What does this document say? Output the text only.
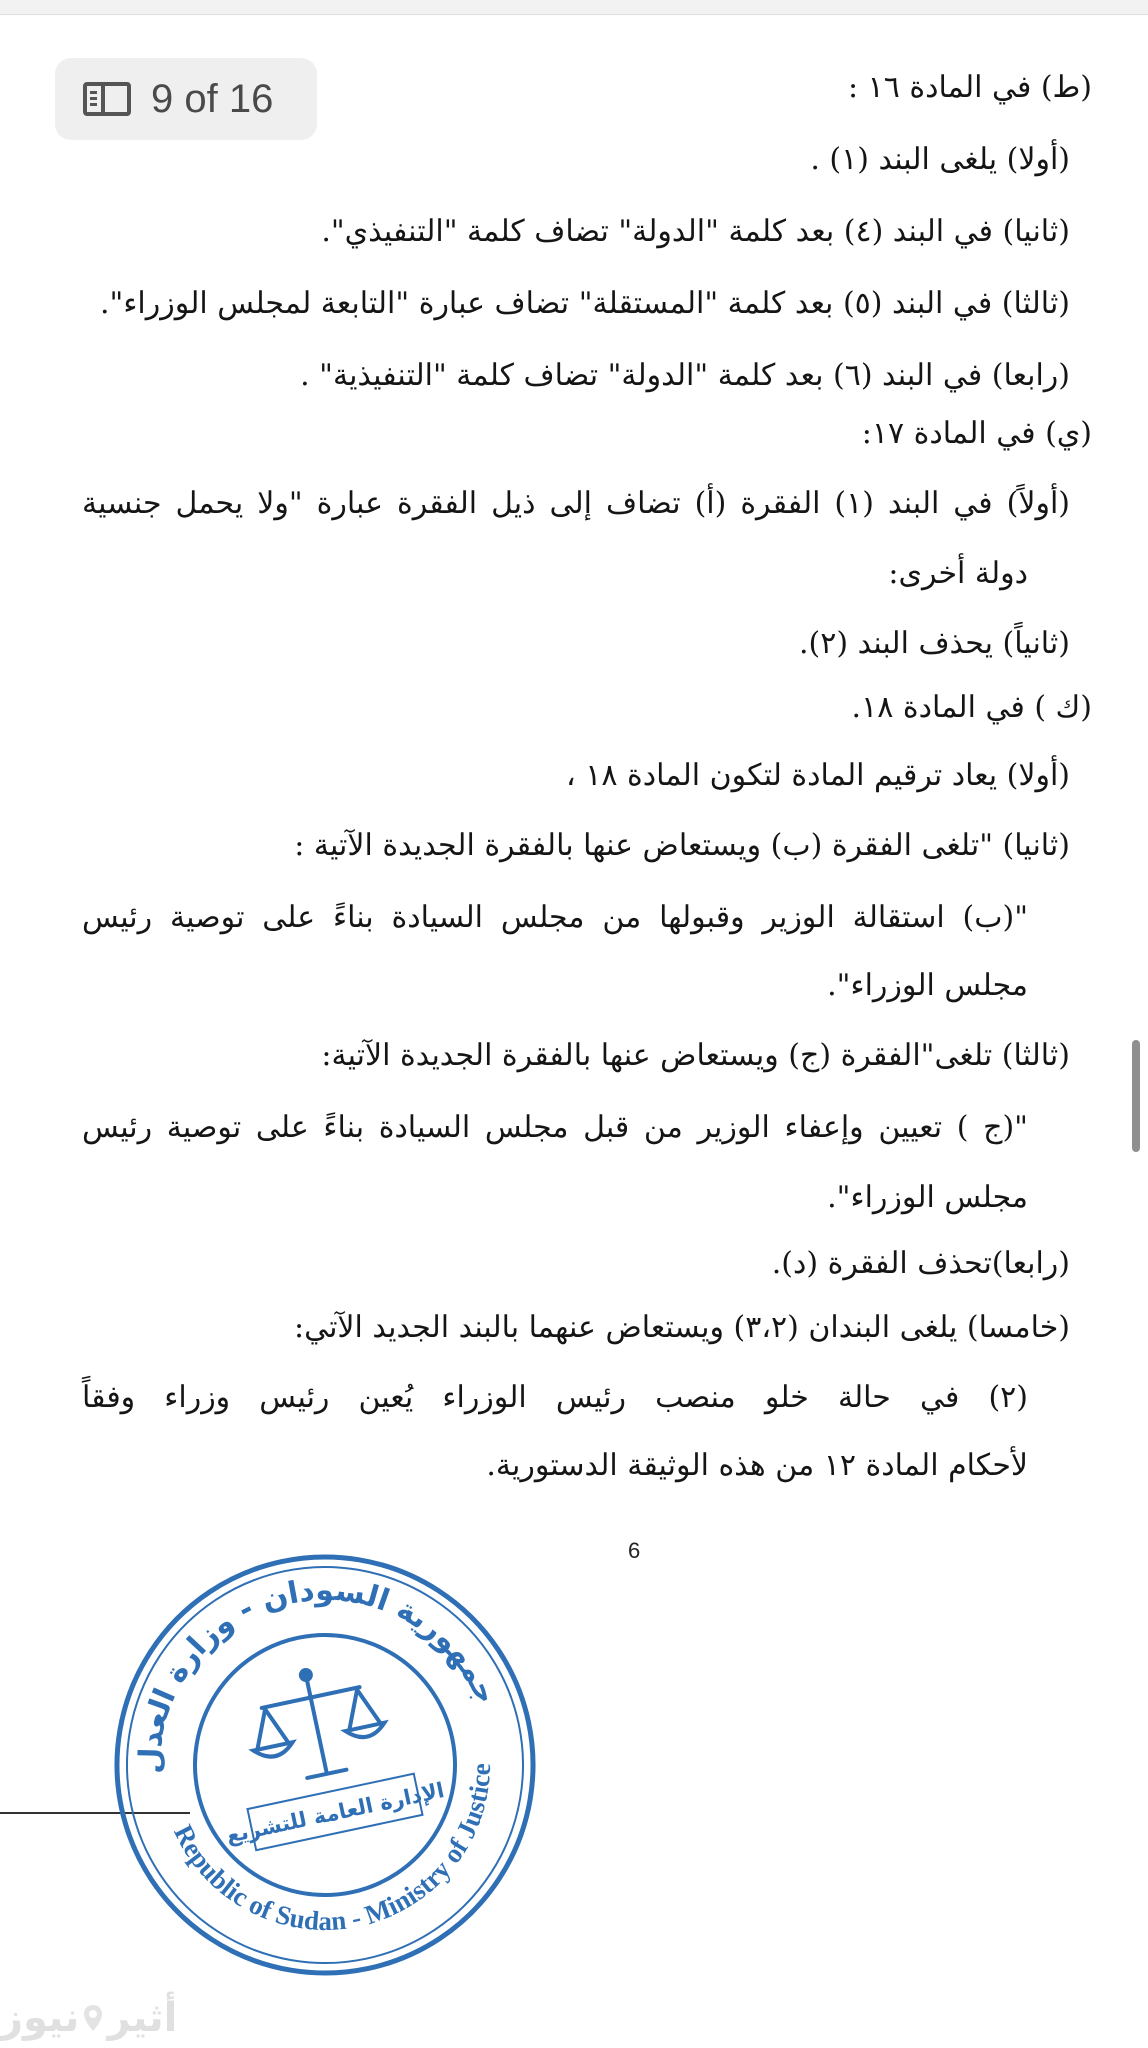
9 of 16	(ط) في المادة ١٦ :
(أولا) يلغى البند (١) .
(ثانيا) في البند (٤) بعد كلمة "الدولة" تضاف كلمة "التنفيذي".
(ثالثا) في البند (٥) بعد كلمة "المستقلة" تضاف عبارة "التابعة لمجلس الوزراء".
(رابعا) في البند (٦) بعد كلمة "الدولة" تضاف كلمة "التنفيذية" .
(ي) في المادة ١٧:
(أولاً) في البند (١) الفقرة (أ) تضاف إلى ذيل الفقرة عبارة "ولا يحمل جنسية
دولة أخرى:
(ثانياً) يحذف البند (٢).
(ك ) في المادة ١٨.
(أولا) يعاد ترقيم المادة لتكون المادة ١٨ ،
(ثانيا) "تلغى الفقرة (ب) ويستعاض عنها بالفقرة الجديدة الآتية :
"(ب) استقالة الوزير وقبولها من مجلس السيادة بناءً على توصية رئيس
مجلس الوزراء".
(ثالثا) تلغى"الفقرة (ج) ويستعاض عنها بالفقرة الجديدة الآتية:
"(ج ) تعيين وإعفاء الوزير من قبل مجلس السيادة بناءً على توصية رئيس
مجلس الوزراء".
(رابعا)تحذف الفقرة (د).
(خامسا) يلغى البندان (٣،٢) ويستعاض عنهما بالبند الجديد الآتي:
(٢) في حالة خلو منصب رئيس الوزراء يُعين رئيس وزراء وفقاً
لأحكام المادة ١٢ من هذه الوثيقة الدستورية.
6
جمهورية السودان - وزارة العدل
Republic of Sudan - Ministry of Justice
الإدارة العامة للتشريع
أثير
نيوز
